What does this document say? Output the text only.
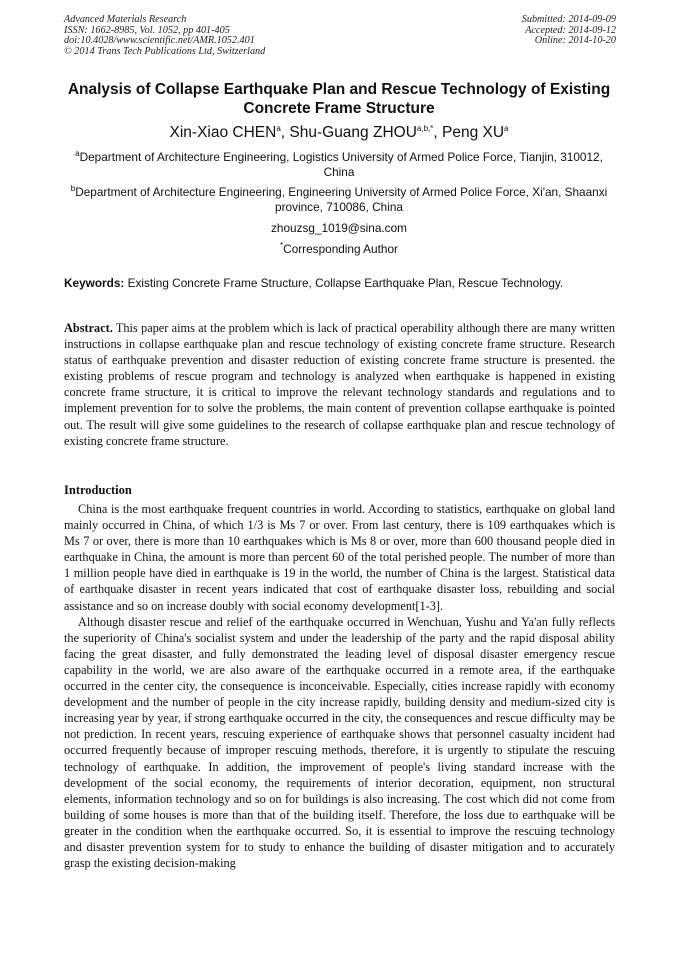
Advanced Materials Research
ISSN: 1662-8985, Vol. 1052, pp 401-405
doi:10.4028/www.scientific.net/AMR.1052.401
© 2014 Trans Tech Publications Ltd, Switzerland
Submitted: 2014-09-09
Accepted: 2014-09-12
Online: 2014-10-20
Analysis of Collapse Earthquake Plan and Rescue Technology of Existing Concrete Frame Structure
Xin-Xiao CHEN$^a$, Shu-Guang $ZHOU^{a,b,*}$, Peng $XU^a$
$^a$Department of Architecture Engineering, Logistics University of Armed Police Force, Tianjin, 310012, China
$^b$Department of Architecture Engineering, Engineering University of Armed Police Force, Xi'an, Shaanxi province, 710086, China
zhouzsg_1019@sina.com
*Corresponding Author
Keywords: Existing Concrete Frame Structure, Collapse Earthquake Plan, Rescue Technology.
Abstract. This paper aims at the problem which is lack of practical operability although there are many written instructions in collapse earthquake plan and rescue technology of existing concrete frame structure. Research status of earthquake prevention and disaster reduction of existing concrete frame structure is presented. the existing problems of rescue program and technology is analyzed when earthquake is happened in existing concrete frame structure, it is critical to improve the relevant technology standards and regulations and to implement prevention for to solve the problems, the main content of prevention collapse earthquake is pointed out. The result will give some guidelines to the research of collapse earthquake plan and rescue technology of existing concrete frame structure.
Introduction

China is the most earthquake frequent countries in world. According to statistics, earthquake on global land mainly occurred in China, of which 1/3 is Ms 7 or over. From last century, there is 109 earthquakes which is Ms 7 or over, there is more than 10 earthquakes which is Ms 8 or over, more than 600 thousand people died in earthquake in China, the amount is more than percent 60 of the total perished people. The number of more than 1 million people have died in earthquake is 19 in the world, the number of China is the largest. Statistical data of earthquake disaster in recent years indicated that cost of earthquake disaster loss, rebuilding and social assistance and so on increase doubly with social economy development[1-3].

Although disaster rescue and relief of the earthquake occurred in Wenchuan, Yushu and Ya'an fully reflects the superiority of China's socialist system and under the leadership of the party and the rapid disposal ability facing the great disaster, and fully demonstrated the leading level of disposal disaster emergency rescue capability in the world, we are also aware of the earthquake occurred in a remote area, if the earthquake occurred in the center city, the consequence is inconceivable. Especially, cities increase rapidly with economy development and the number of people in the city increase rapidly, building density and medium-sized city is increasing year by year, if strong earthquake occurred in the city, the consequences and rescue difficulty may be not prediction. In recent years, rescuing experience of earthquake shows that personnel casualty incident had occurred frequently because of improper rescuing methods, therefore, it is urgently to stipulate the rescuing technology of earthquake. In addition, the improvement of people's living standard increase with the development of the social economy, the requirements of interior decoration, equipment, non structural elements, information technology and so on for buildings is also increasing. The cost which did not come from building of some houses is more than that of the building itself. Therefore, the loss due to earthquake will be greater in the condition when the earthquake occurred. So, it is essential to improve the rescuing technology and disaster prevention system for to study to enhance the building of disaster mitigation and to accurately grasp the existing decision-making
